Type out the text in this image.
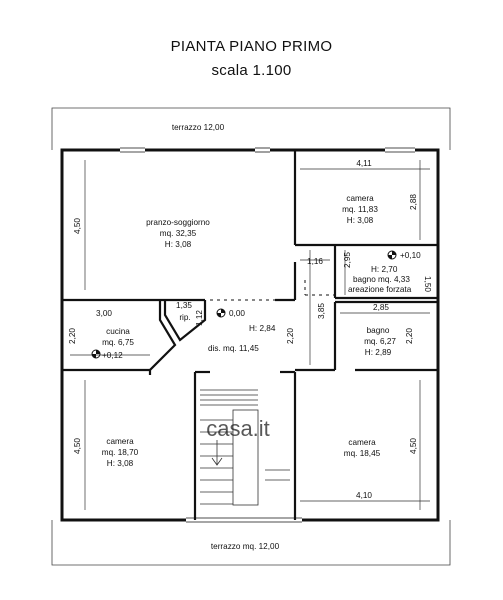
PIANTA PIANO PRIMO
scala 1.100
terrazzo 12,00
terrazzo mq. 12,00
pranzo-soggiorno
mq. 32,35
H: 3,08
camera
mq. 11,83
H: 3,08
H: 2,70
bagno mq. 4,33
areazione forzata
+0,10
bagno
mq. 6,27
H: 2,89
cucina
mq. 6,75
+0,12
rip.	0,00
H: 2,84
dis. mq. 11,45
camera
mq. 18,70
H: 3,08
camera
mq. 18,45
4,11
2,88
4,50
1,16 2,95
1,50
2,85
1,35
1,12
3,00
2,20	2,20
3,85
2,20
4,50	4,50
4,10
casa.it
